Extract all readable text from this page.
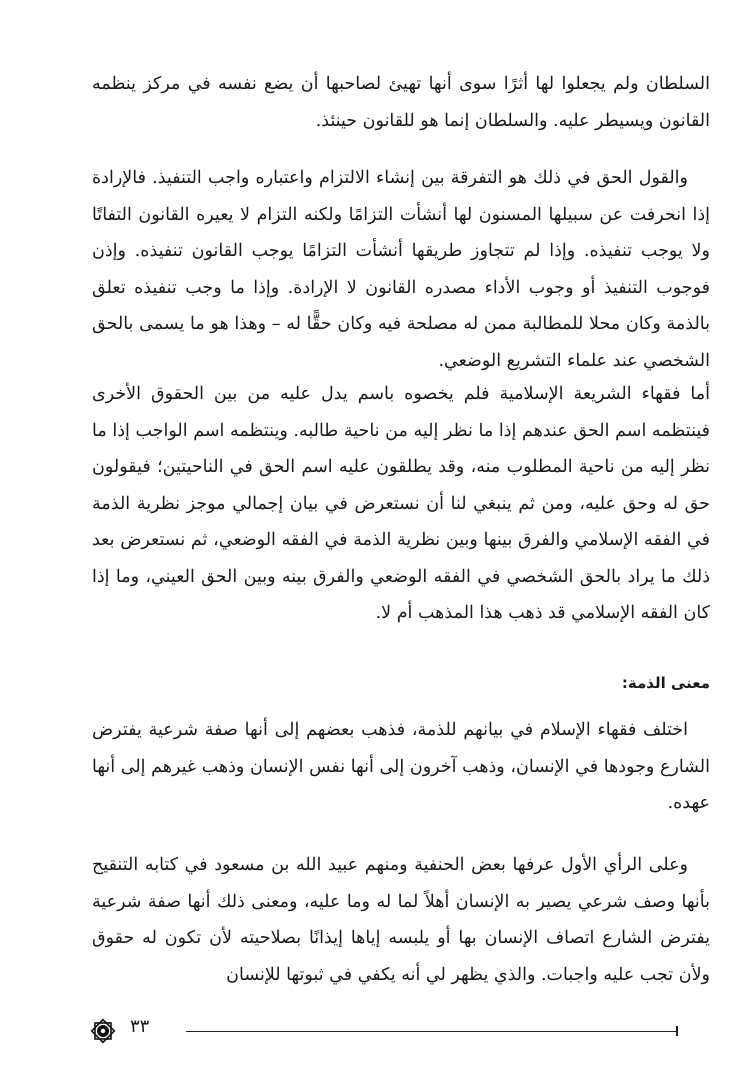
السلطان ولم يجعلوا لها أثرًا سوى أنها تهيئ لصاحبها أن يضع نفسه في مركز ينظمه القانون ويسيطر عليه. والسلطان إنما هو للقانون حينئذ.

والقول الحق في ذلك هو التفرقة بين إنشاء الالتزام واعتباره واجب التنفيذ. فالإرادة إذا انحرفت عن سبيلها المسنون لها أنشأت التزامًا ولكنه التزام لا يعيره القانون التفاتًا ولا يوجب تنفيذه. وإذا لم تتجاوز طريقها أنشأت التزامًا يوجب القانون تنفيذه. وإذن فوجوب التنفيذ أو وجوب الأداء مصدره القانون لا الإرادة. وإذا ما وجب تنفيذه تعلق بالذمة وكان محلا للمطالبة ممن له مصلحة فيه وكان حقًّا له – وهذا هو ما يسمى بالحق الشخصي عند علماء التشريع الوضعي.

أما فقهاء الشريعة الإسلامية فلم يخصوه باسم يدل عليه من بين الحقوق الأخرى فينتظمه اسم الحق عندهم إذا ما نظر إليه من ناحية طالبه. وينتظمه اسم الواجب إذا ما نظر إليه من ناحية المطلوب منه، وقد يطلقون عليه اسم الحق في الناحيتين؛ فيقولون حق له وحق عليه، ومن ثم ينبغي لنا أن نستعرض في بيان إجمالي موجز نظرية الذمة في الفقه الإسلامي والفرق بينها وبين نظرية الذمة في الفقه الوضعي، ثم نستعرض بعد ذلك ما يراد بالحق الشخصي في الفقه الوضعي والفرق بينه وبين الحق العيني، وما إذا كان الفقه الإسلامي قد ذهب هذا المذهب أم لا.

معنى الذمة:

اختلف فقهاء الإسلام في بيانهم للذمة، فذهب بعضهم إلى أنها صفة شرعية يفترض الشارع وجودها في الإنسان، وذهب آخرون إلى أنها نفس الإنسان وذهب غيرهم إلى أنها عهده.

وعلى الرأي الأول عرفها بعض الحنفية ومنهم عبيد الله بن مسعود في كتابه التنقيح بأنها وصف شرعي يصير به الإنسان أهلاً لما له وما عليه، ومعنى ذلك أنها صفة شرعية يفترض الشارع اتصاف الإنسان بها أو يلبسه إياها إيذانًا بصلاحيته لأن تكون له حقوق ولأن تجب عليه واجبات. والذي يظهر لي أنه يكفي في ثبوتها للإنسان

٣٣
